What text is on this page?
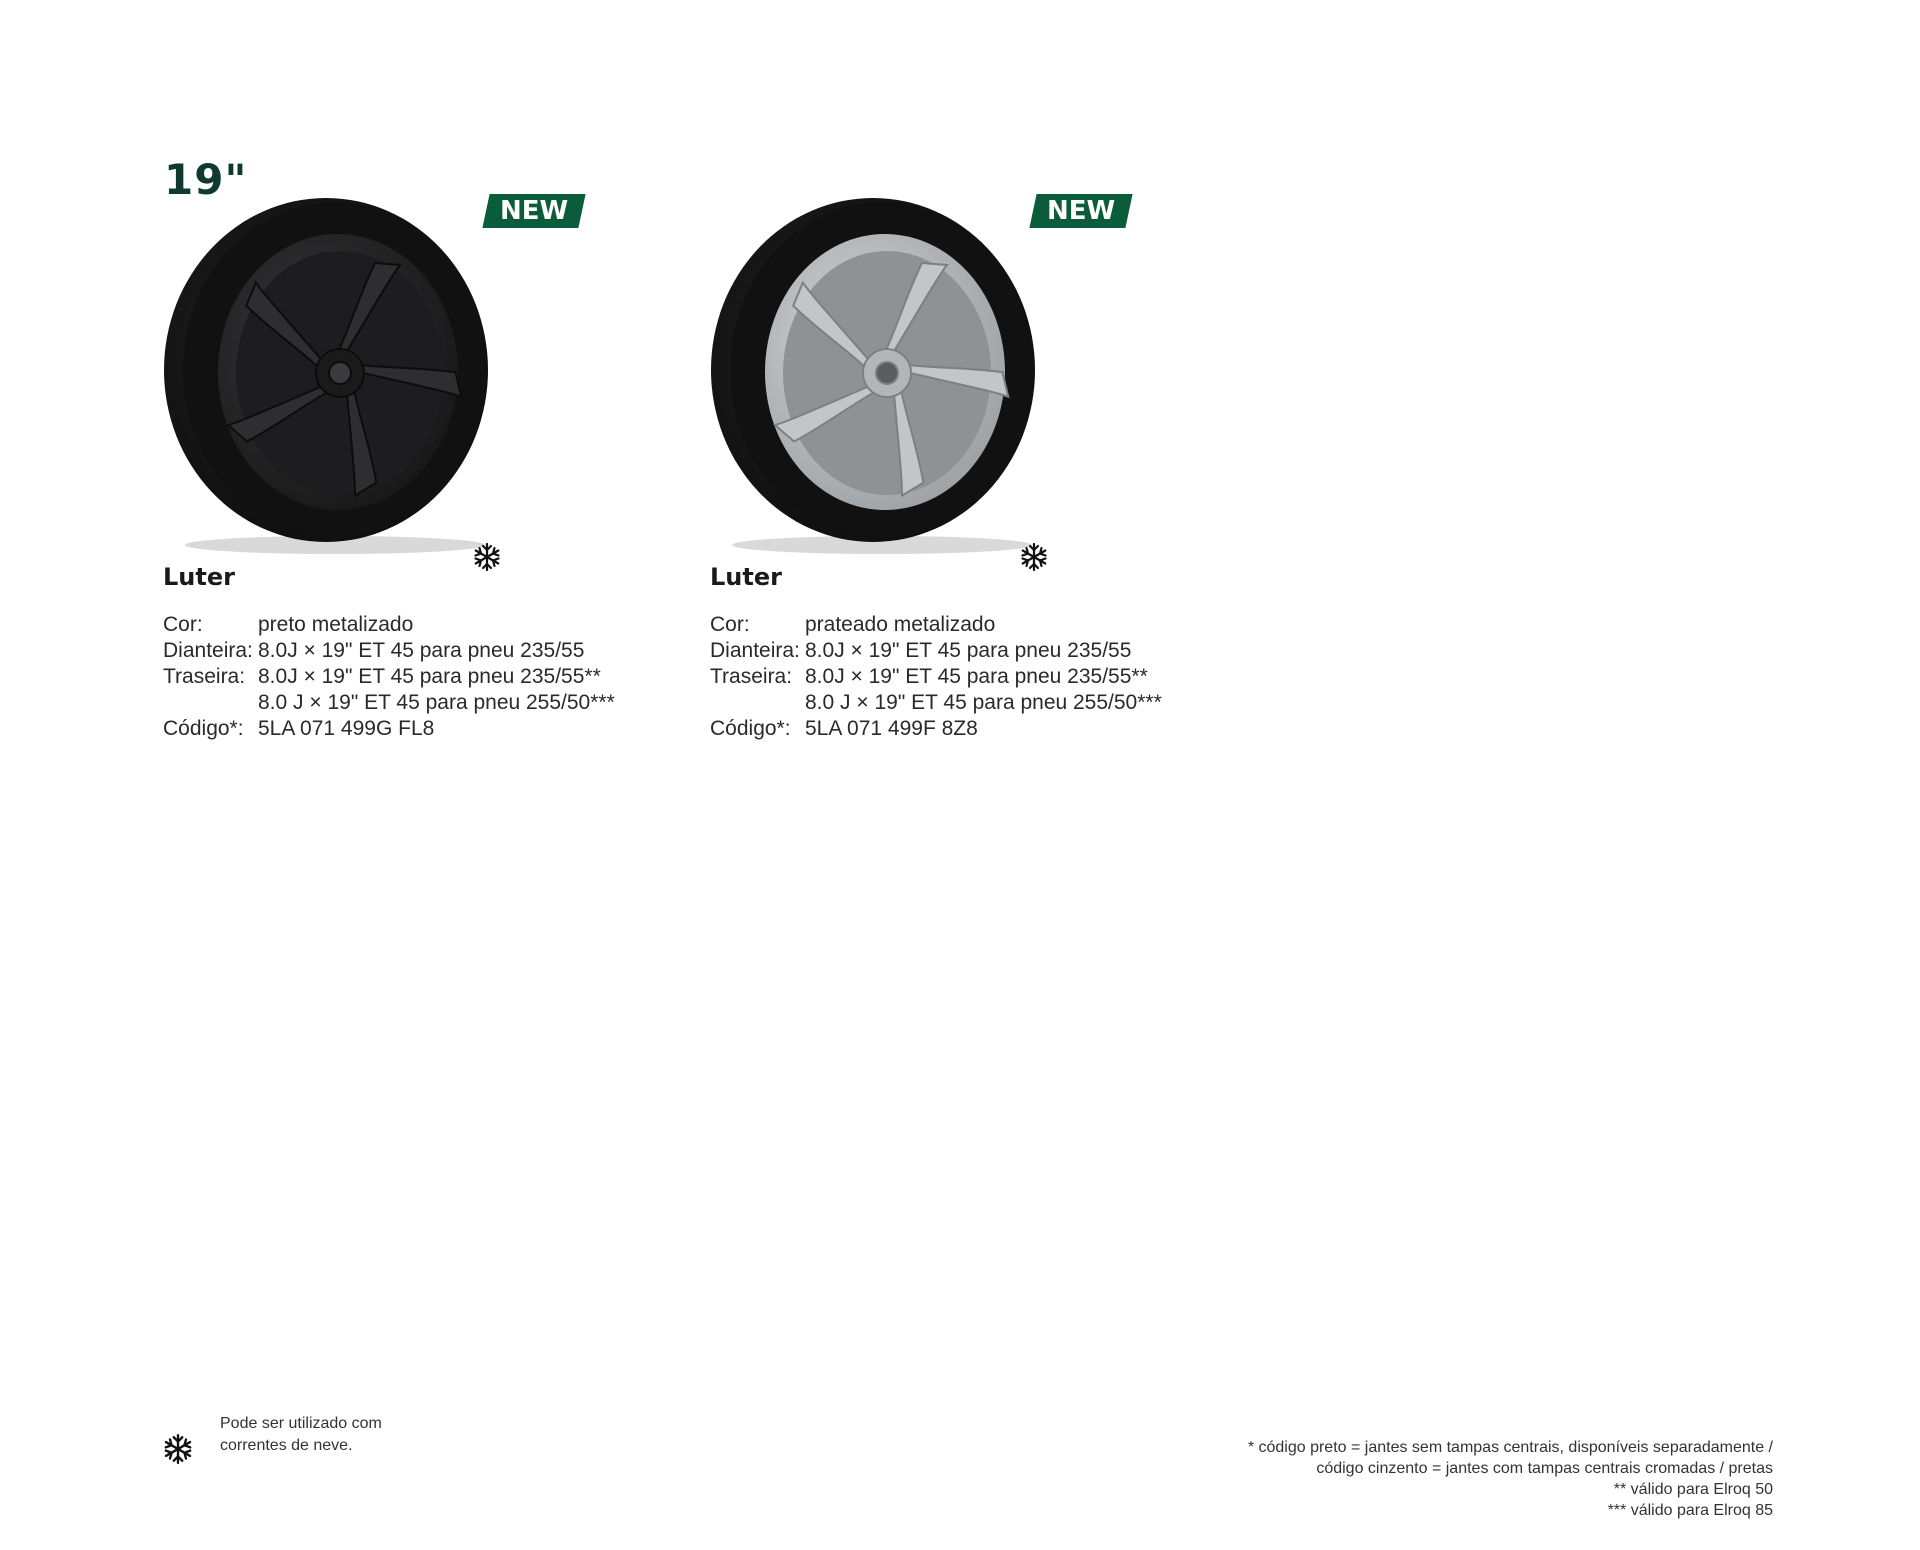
19"
NEW
Luter
Cor:	preto metalizado
Dianteira: 8.0J × 19" ET 45 para pneu 235/55
Traseira: 8.0J × 19" ET 45 para pneu 235/55**
8.0 J × 19" ET 45 para pneu 255/50***
Código*: 5LA 071 499G FL8
NEW
Luter
Cor:	prateado metalizado
Dianteira: 8.0J × 19" ET 45 para pneu 235/55
Traseira: 8.0J × 19" ET 45 para pneu 235/55**
8.0 J × 19" ET 45 para pneu 255/50***
Código*: 5LA 071 499F 8Z8
Pode ser utilizado com
correntes de neve.	* código preto = jantes sem tampas centrais, disponíveis separadamente /
código cinzento = jantes com tampas centrais cromadas / pretas
** válido para Elroq 50
*** válido para Elroq 85
